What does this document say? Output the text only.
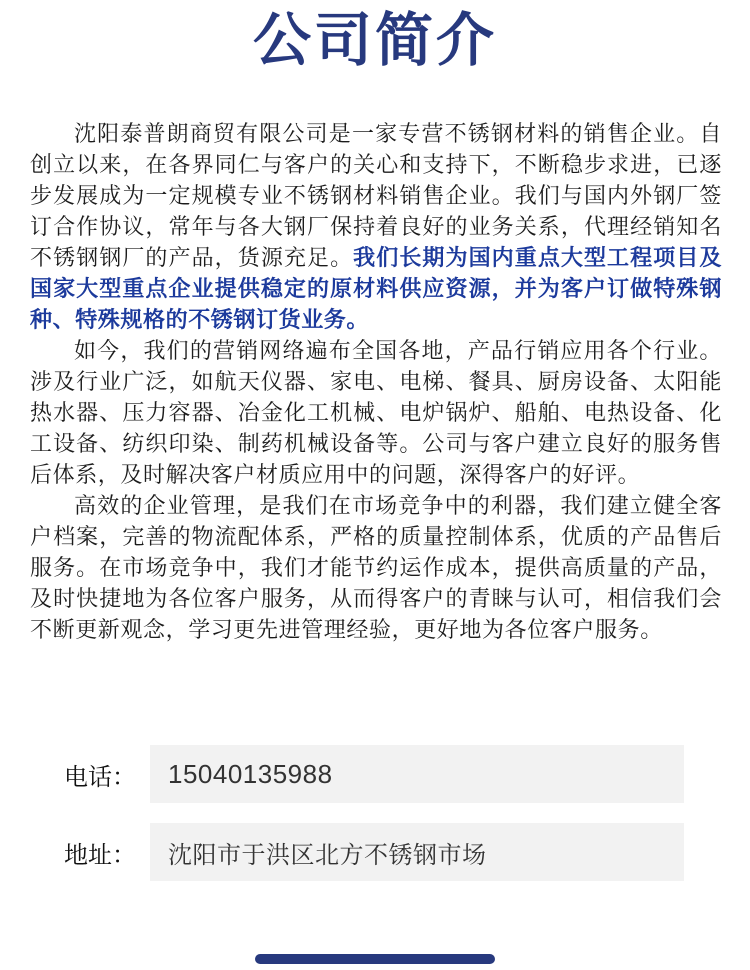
公司简介

沈阳泰普朗商贸有限公司是一家专营不锈钢材料的销售企业。自创立以来，在各界同仁与客户的关心和支持下，不断稳步求进，已逐步发展成为一定规模专业不锈钢材料销售企业。我们与国内外钢厂签订合作协议，常年与各大钢厂保持着良好的业务关系，代理经销知名不锈钢钢厂的产品，货源充足。我们长期为国内重点大型工程项目及国家大型重点企业提供稳定的原材料供应资源，并为客户订做特殊钢种、特殊规格的不锈钢订货业务。

如今，我们的营销网络遍布全国各地，产品行销应用各个行业。涉及行业广泛，如航天仪器、家电、电梯、餐具、厨房设备、太阳能热水器、压力容器、冶金化工机械、电炉锅炉、船舶、电热设备、化工设备、纺织印染、制药机械设备等。公司与客户建立良好的服务售后体系，及时解决客户材质应用中的问题，深得客户的好评。

高效的企业管理，是我们在市场竞争中的利器，我们建立健全客户档案，完善的物流配体系，严格的质量控制体系，优质的产品售后服务。在市场竞争中，我们才能节约运作成本，提供高质量的产品，及时快捷地为各位客户服务，从而得客户的青睐与认可，相信我们会不断更新观念，学习更先进管理经验，更好地为各位客户服务。

电话：	15040135988
地址：	沈阳市于洪区北方不锈钢市场
